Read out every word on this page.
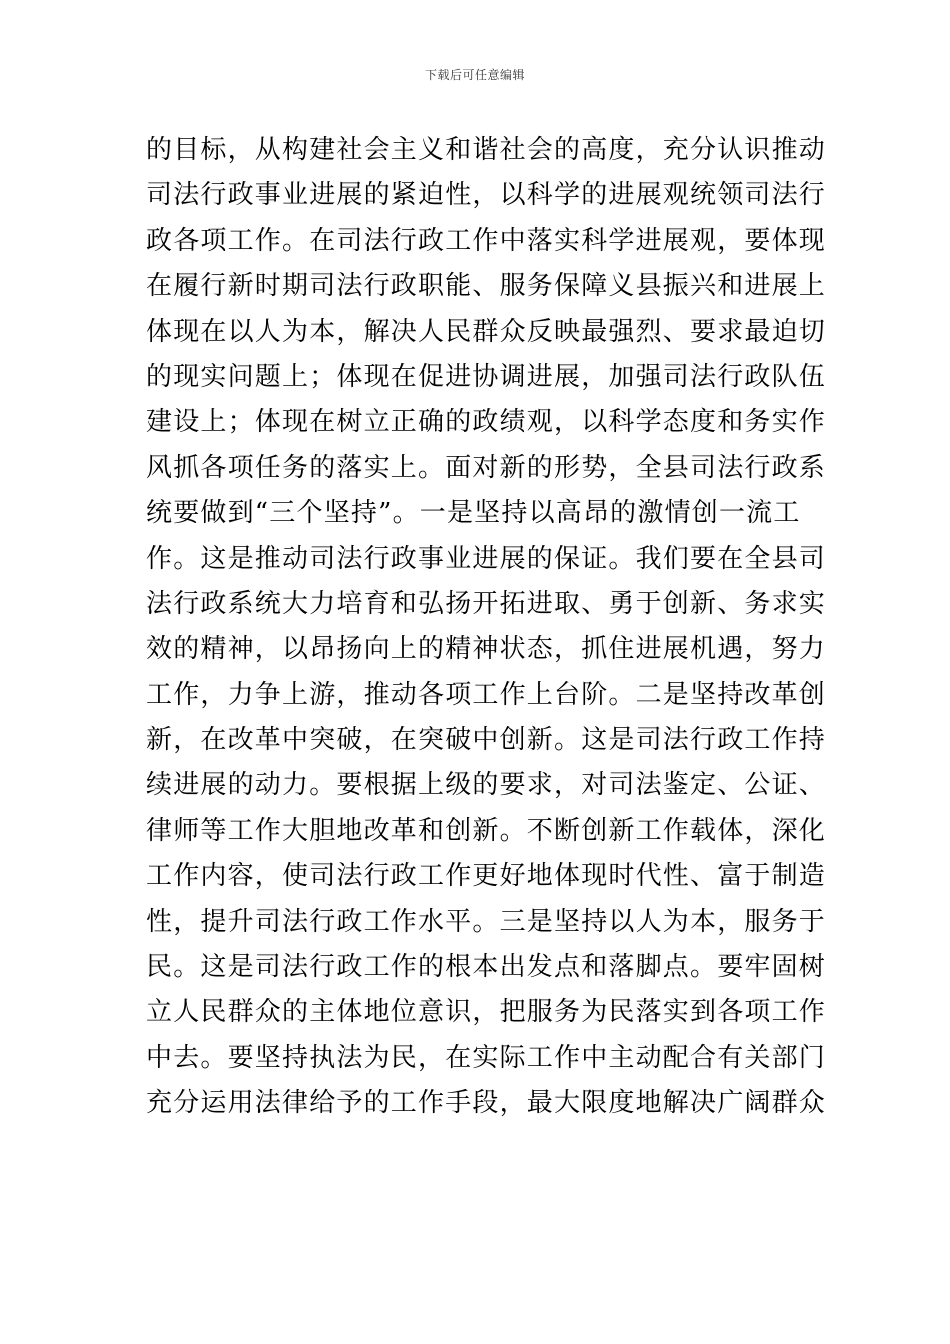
下载后可任意编辑
的目标，从构建社会主义和谐社会的高度，充分认识推动
司法行政事业进展的紧迫性，以科学的进展观统领司法行
政各项工作。在司法行政工作中落实科学进展观，要体现
在履行新时期司法行政职能、服务保障义县振兴和进展上
体现在以人为本，解决人民群众反映最强烈、要求最迫切
的现实问题上；体现在促进协调进展，加强司法行政队伍
建设上；体现在树立正确的政绩观，以科学态度和务实作
风抓各项任务的落实上。面对新的形势，全县司法行政系
统要做到“三个坚持”。一是坚持以高昂的激情创一流工
作。这是推动司法行政事业进展的保证。我们要在全县司
法行政系统大力培育和弘扬开拓进取、勇于创新、务求实
效的精神，以昂扬向上的精神状态，抓住进展机遇，努力
工作，力争上游，推动各项工作上台阶。二是坚持改革创
新，在改革中突破，在突破中创新。这是司法行政工作持
续进展的动力。要根据上级的要求，对司法鉴定、公证、
律师等工作大胆地改革和创新。不断创新工作载体，深化
工作内容，使司法行政工作更好地体现时代性、富于制造
性，提升司法行政工作水平。三是坚持以人为本，服务于
民。这是司法行政工作的根本出发点和落脚点。要牢固树
立人民群众的主体地位意识，把服务为民落实到各项工作
中去。要坚持执法为民，在实际工作中主动配合有关部门
充分运用法律给予的工作手段，最大限度地解决广阔群众
